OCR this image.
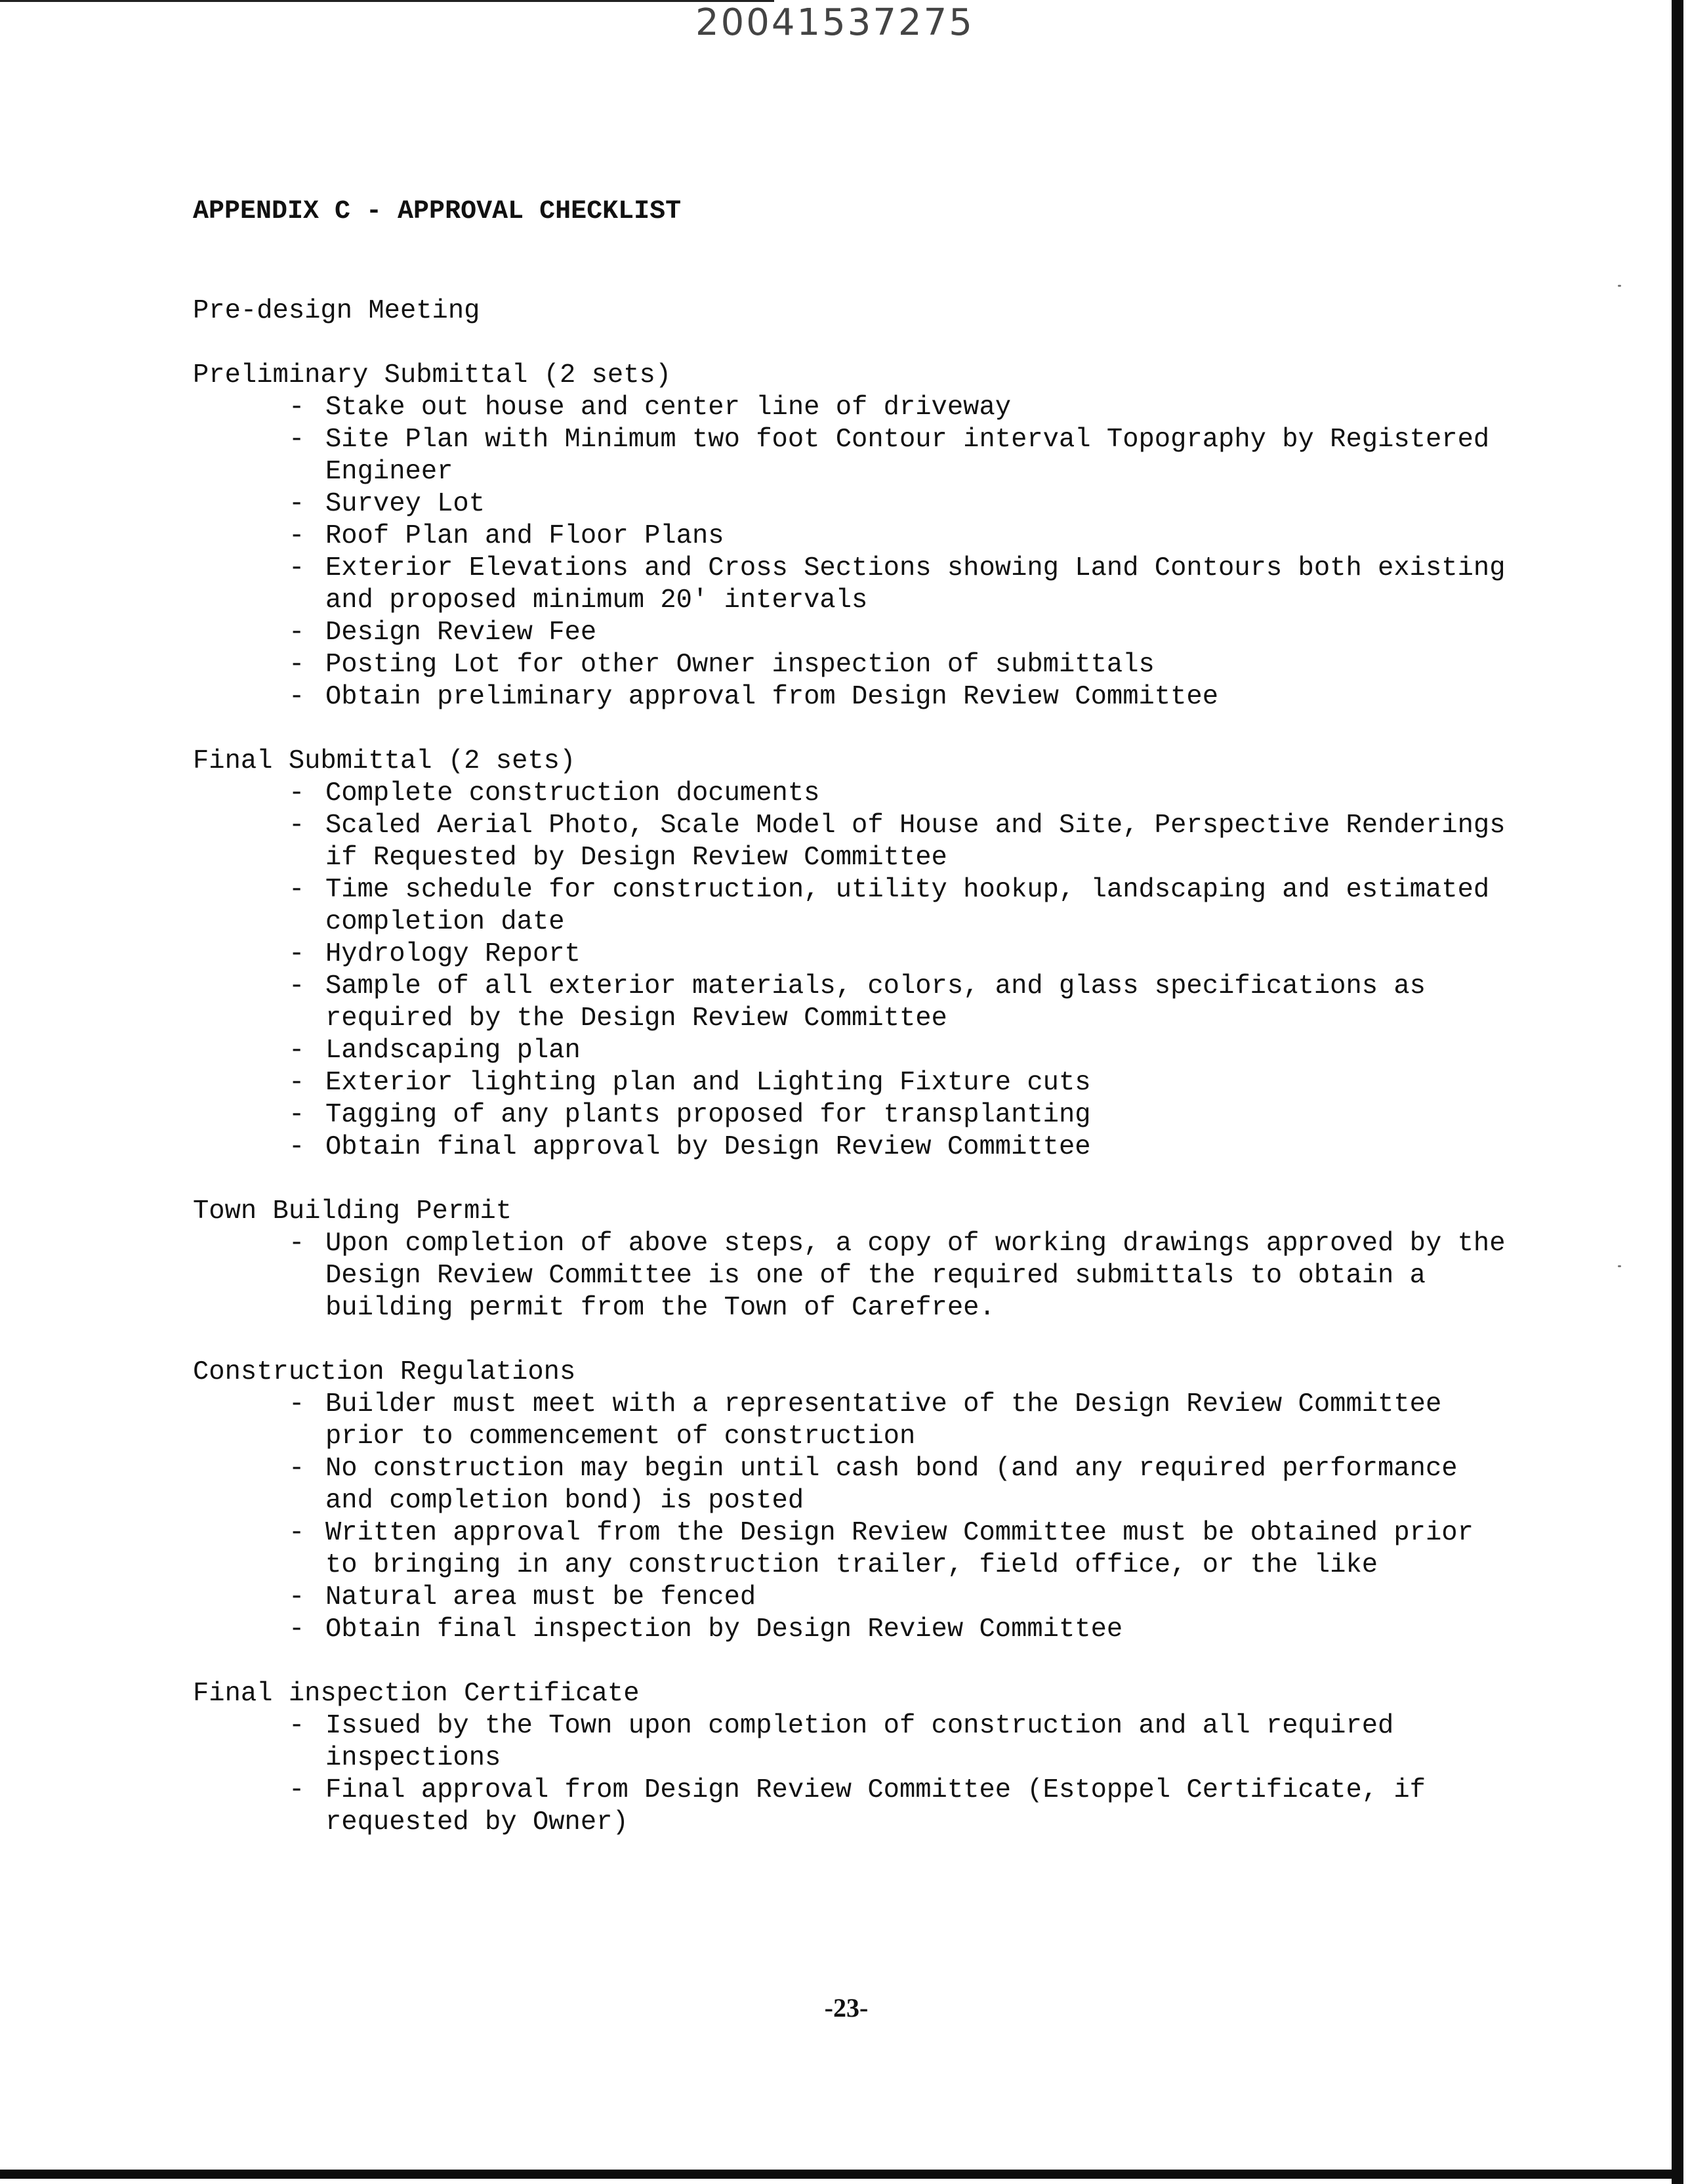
20041537275
APPENDIX C - APPROVAL CHECKLIST
Pre-design Meeting
Preliminary Submittal (2 sets)
- Stake out house and center line of driveway
- Site Plan with Minimum two foot Contour interval Topography by Registered Engineer
- Survey Lot
- Roof Plan and Floor Plans
- Exterior Elevations and Cross Sections showing Land Contours both existing and proposed minimum 20' intervals
- Design Review Fee
- Posting Lot for other Owner inspection of submittals
- Obtain preliminary approval from Design Review Committee
Final Submittal (2 sets)
- Complete construction documents
- Scaled Aerial Photo, Scale Model of House and Site, Perspective Renderings if Requested by Design Review Committee
- Time schedule for construction, utility hookup, landscaping and estimated completion date
- Hydrology Report
- Sample of all exterior materials, colors, and glass specifications as required by the Design Review Committee
- Landscaping plan
- Exterior lighting plan and Lighting Fixture cuts
- Tagging of any plants proposed for transplanting
- Obtain final approval by Design Review Committee
Town Building Permit
- Upon completion of above steps, a copy of working drawings approved by the Design Review Committee is one of the required submittals to obtain a building permit from the Town of Carefree.
Construction Regulations
- Builder must meet with a representative of the Design Review Committee prior to commencement of construction
- No construction may begin until cash bond (and any required performance and completion bond) is posted
- Written approval from the Design Review Committee must be obtained prior to bringing in any construction trailer, field office, or the like
- Natural area must be fenced
- Obtain final inspection by Design Review Committee
Final inspection Certificate
- Issued by the Town upon completion of construction and all required inspections
- Final approval from Design Review Committee (Estoppel Certificate, if requested by Owner)
-23-
